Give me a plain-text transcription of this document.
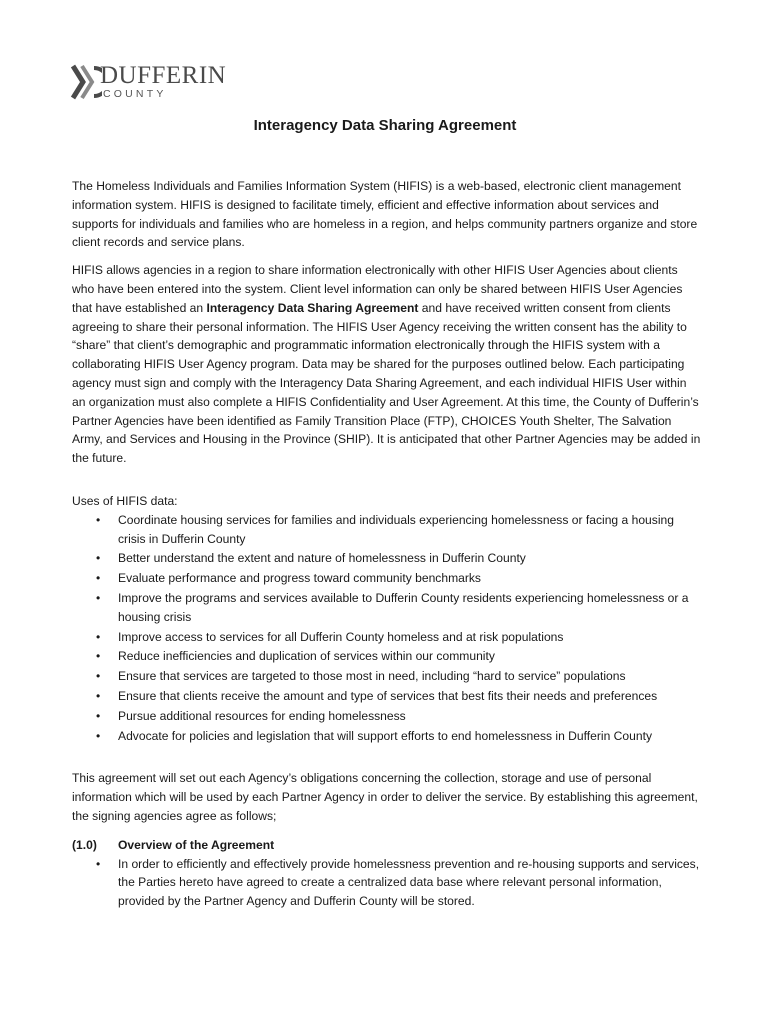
DUFFERIN
COUNTY
Interagency Data Sharing Agreement

The Homeless Individuals and Families Information System (HIFIS) is a web-based, electronic client management information system. HIFIS is designed to facilitate timely, efficient and effective information about services and supports for individuals and families who are homeless in a region, and helps community partners organize and store client records and service plans.

HIFIS allows agencies in a region to share information electronically with other HIFIS User Agencies about clients who have been entered into the system. Client level information can only be shared between HIFIS User Agencies that have established an Interagency Data Sharing Agreement and have received written consent from clients agreeing to share their personal information. The HIFIS User Agency receiving the written consent has the ability to “share” that client’s demographic and programmatic information electronically through the HIFIS system with a collaborating HIFIS User Agency program. Data may be shared for the purposes outlined below. Each participating agency must sign and comply with the Interagency Data Sharing Agreement, and each individual HIFIS User within an organization must also complete a HIFIS Confidentiality and User Agreement. At this time, the County of Dufferin’s Partner Agencies have been identified as Family Transition Place (FTP), CHOICES Youth Shelter, The Salvation Army, and Services and Housing in the Province (SHIP). It is anticipated that other Partner Agencies may be added in the future.

Uses of HIFIS data:

• Coordinate housing services for families and individuals experiencing homelessness or facing a housing crisis in Dufferin County
• Better understand the extent and nature of homelessness in Dufferin County
• Evaluate performance and progress toward community benchmarks
• Improve the programs and services available to Dufferin County residents experiencing homelessness or a housing crisis
• Improve access to services for all Dufferin County homeless and at risk populations
• Reduce inefficiencies and duplication of services within our community
• Ensure that services are targeted to those most in need, including “hard to service” populations
• Ensure that clients receive the amount and type of services that best fits their needs and preferences
• Pursue additional resources for ending homelessness
• Advocate for policies and legislation that will support efforts to end homelessness in Dufferin County

This agreement will set out each Agency’s obligations concerning the collection, storage and use of personal information which will be used by each Partner Agency in order to deliver the service. By establishing this agreement, the signing agencies agree as follows;

(1.0) Overview of the Agreement
• In order to efficiently and effectively provide homelessness prevention and re-housing supports and services, the Parties hereto have agreed to create a centralized data base where relevant personal information, provided by the Partner Agency and Dufferin County will be stored.
